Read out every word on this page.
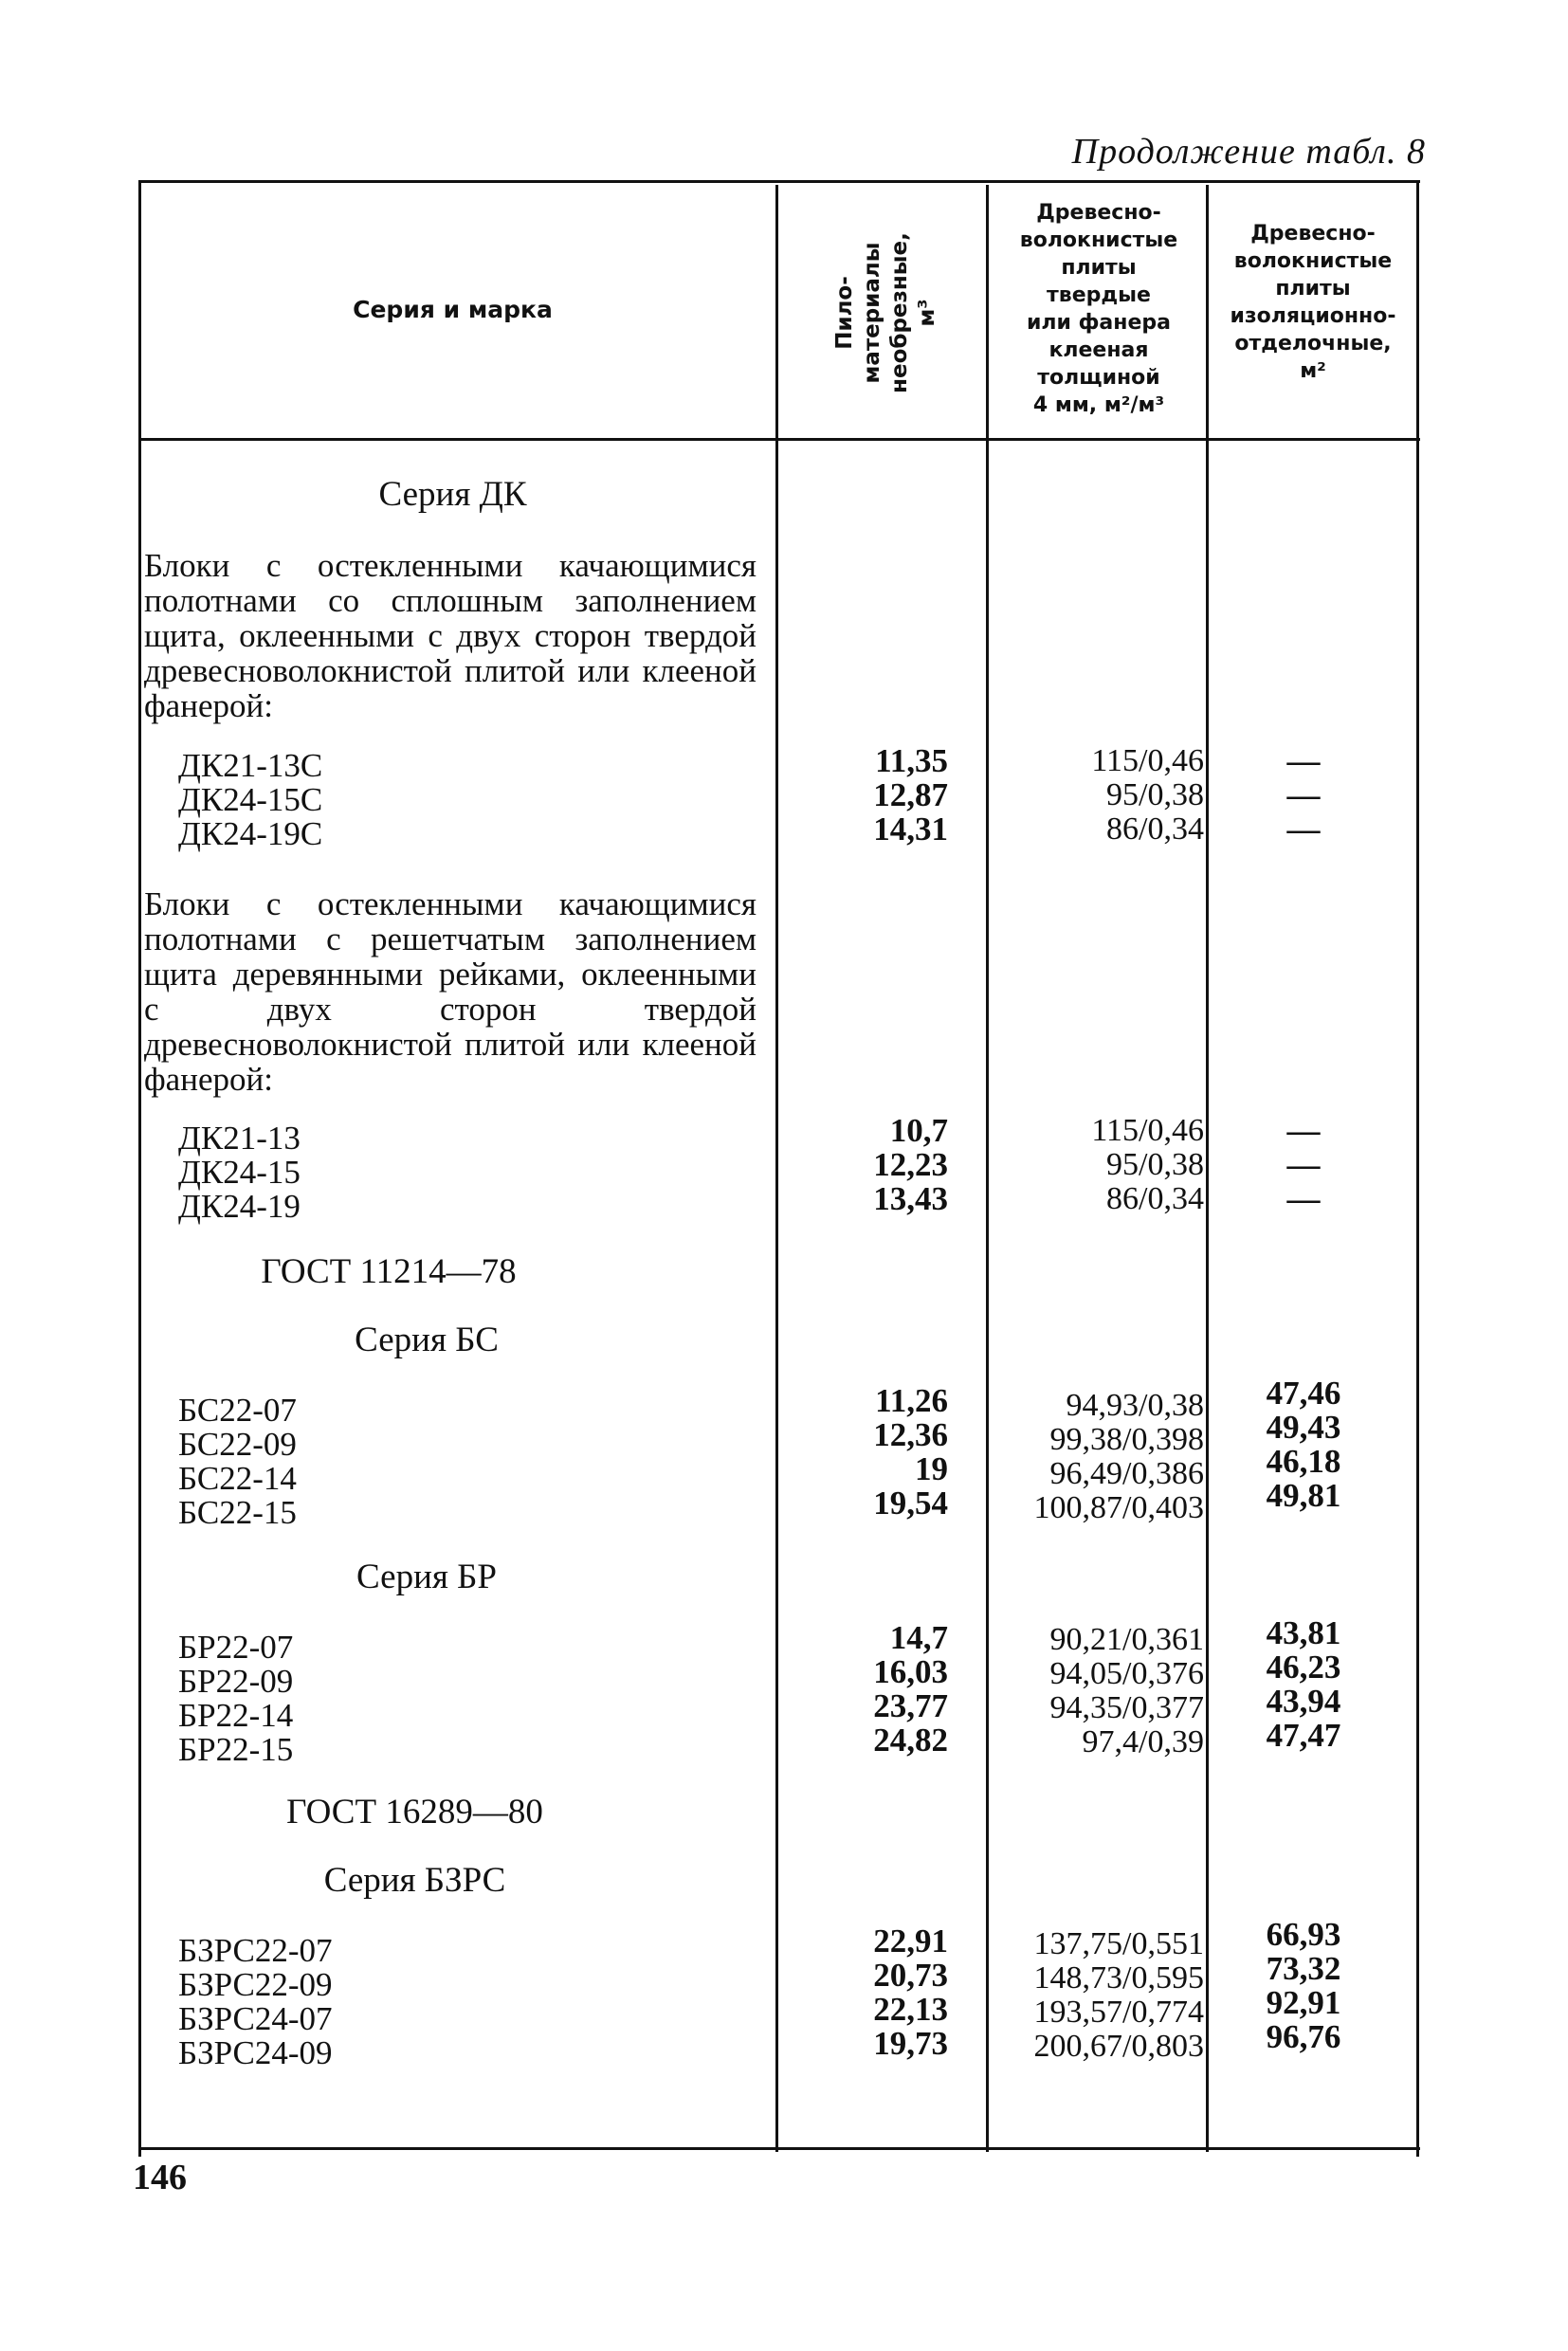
Продолжение табл. 8
Серия и марка	Пило- материалы необрезные, м³
Древесно-
волокнистые
плиты
твердые
или фанера
клееная
толщиной
4 мм, м²/м³
Древесно-
волокнистые
плиты
изоляционно-
отделочные,
м²
Серия ДК
Блоки с остекленными качающимися полотнами со сплошным заполнением щита, оклеенными с двух сторон твердой древесноволокнистой плитой или клееной фанерой:
ДК21-13С
ДК24-15С
ДК24-19С
11,35
12,87
14,31
115/0,46
95/0,38
86/0,34
—
—
—
Блоки с остекленными качающимися полотнами с решетчатым заполнением щита деревянными рейками, оклеенными с двух сторон твердой древесноволокнистой плитой или клееной фанерой:
ДК21-13
ДК24-15
ДК24-19
10,7
12,23
13,43
115/0,46
95/0,38
86/0,34
—
—
—
ГОСТ 11214—78
Серия БС
БС22-07
БС22-09
БС22-14
БС22-15
11,26
12,36
19
19,54
94,93/0,38
99,38/0,398
96,49/0,386
100,87/0,403
47,46
49,43
46,18
49,81
Серия БР
БР22-07
БР22-09
БР22-14
БР22-15
14,7
16,03
23,77
24,82
90,21/0,361
94,05/0,376
94,35/0,377
97,4/0,39
43,81
46,23
43,94
47,47
ГОСТ 16289—80
Серия БЗРС
БЗРС22-07
БЗРС22-09
БЗРС24-07
БЗРС24-09
22,91
20,73
22,13
19,73
137,75/0,551
148,73/0,595
193,57/0,774
200,67/0,803
66,93
73,32
92,91
96,76
146
